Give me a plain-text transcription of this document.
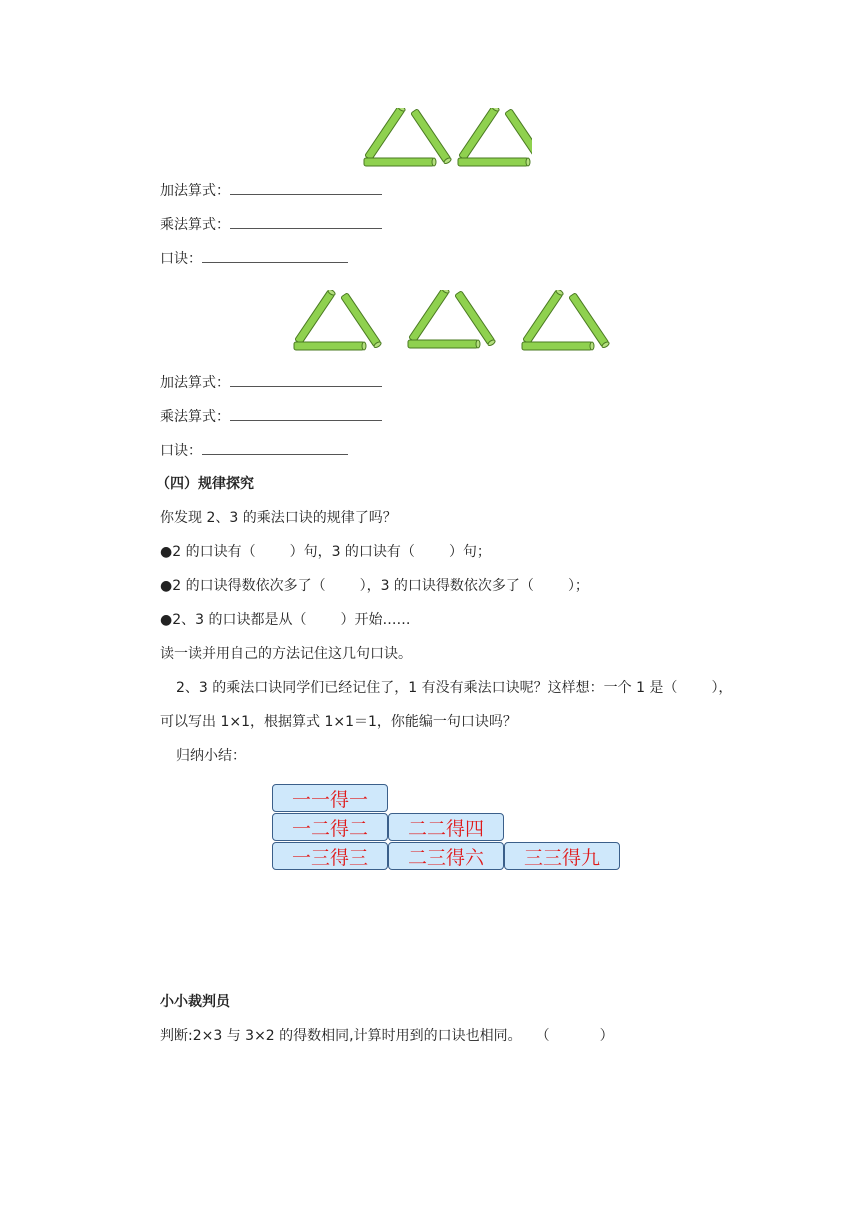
加法算式：
乘法算式：
口诀：
加法算式：
乘法算式：
口诀：
（四）规律探究
你发现 2、3 的乘法口诀的规律了吗？
●2 的口诀有（ ）句，3 的口诀有（ ）句；
●2 的口诀得数依次多了（ ），3 的口诀得数依次多了（ ）；
●2、3 的口诀都是从（ ）开始……
读一读并用自己的方法记住这几句口诀。
2、3 的乘法口诀同学们已经记住了，1 有没有乘法口诀呢？这样想：一个 1 是（ ），
可以写出 1×1，根据算式 1×1＝1，你能编一句口诀吗？
归纳小结：
一一得一
一二得二	二二得四
一三得三	二三得六	三三得九
小小裁判员
判断:2×3 与 3×2 的得数相同,计算时用到的口诀也相同。 （	）
